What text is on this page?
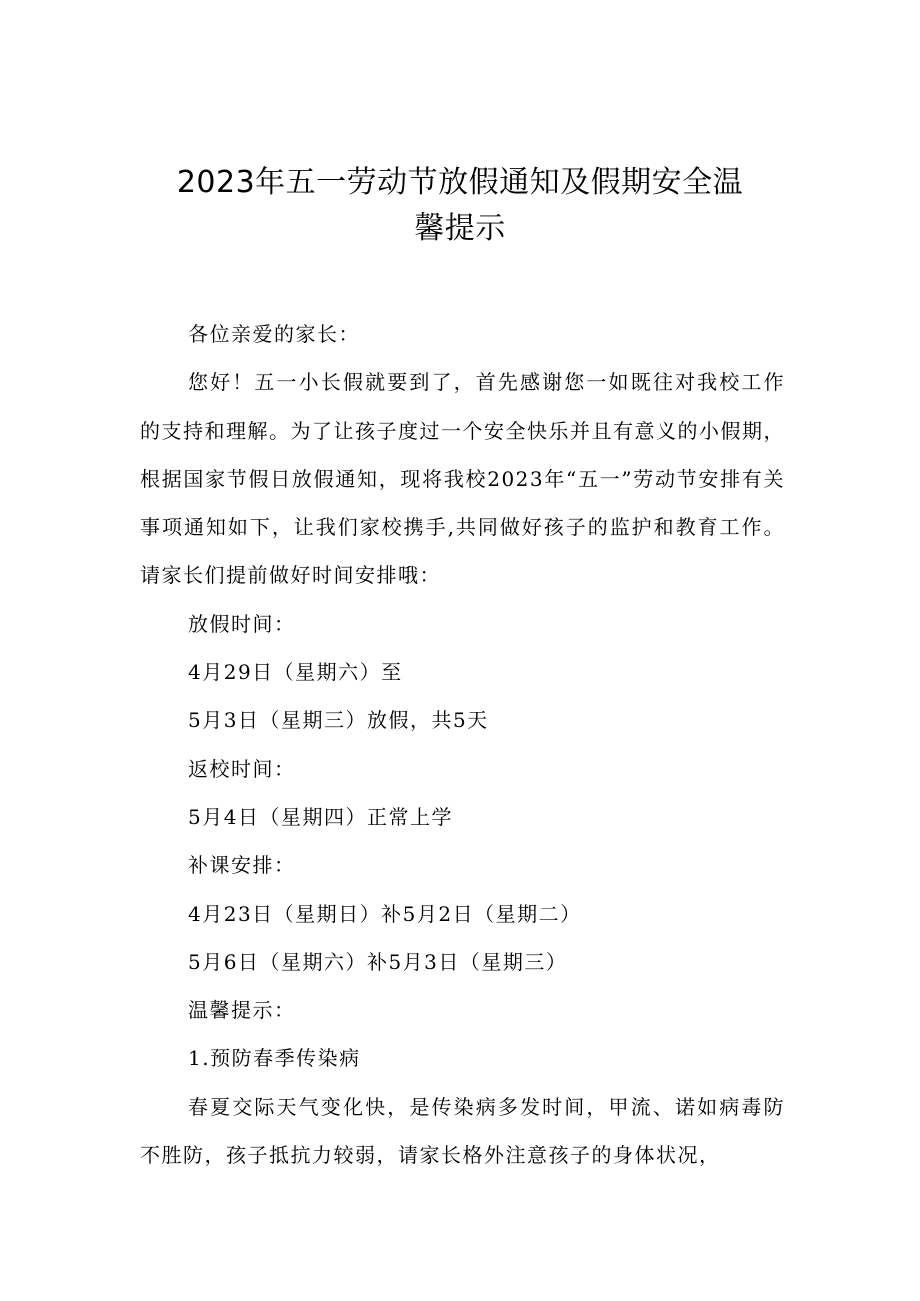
2023年五一劳动节放假通知及假期安全温
馨提示

各位亲爱的家长：

您好！五一小长假就要到了，首先感谢您一如既往对我校工作的支持和理解。为了让孩子度过一个安全快乐并且有意义的小假期，根据国家节假日放假通知，现将我校2023年“五一”劳动节安排有关事项通知如下，让我们家校携手,共同做好孩子的监护和教育工作。请家长们提前做好时间安排哦：

放假时间：

4月29日（星期六）至

5月3日（星期三）放假，共5天

返校时间：

5月4日（星期四）正常上学

补课安排：

4月23日（星期日）补5月2日（星期二）

5月6日（星期六）补5月3日（星期三）

温馨提示：

1.预防春季传染病

春夏交际天气变化快，是传染病多发时间，甲流、诺如病毒防不胜防，孩子抵抗力较弱，请家长格外注意孩子的身体状况，
